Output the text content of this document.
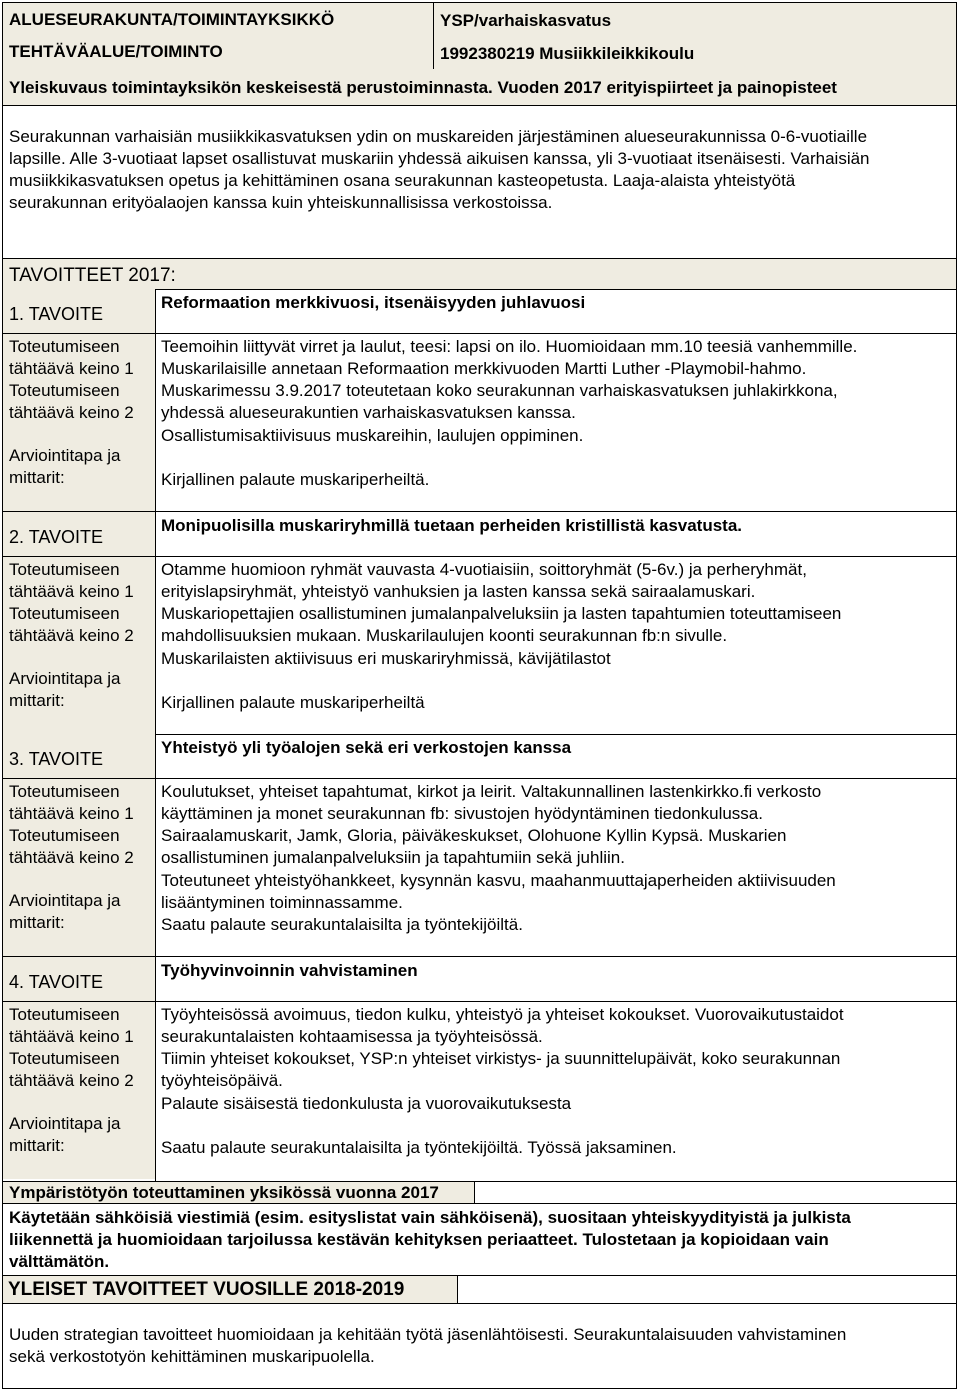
ALUESEURAKUNTA/TOIMINTAYKSIKKÖ	YSP/varhaiskasvatus
TEHTÄVÄALUE/TOIMINTO	1992380219 Musiikkileikkikoulu
Yleiskuvaus toimintayksikön keskeisestä perustoiminnasta. Vuoden 2017 erityispiirteet ja painopisteet
Seurakunnan varhaisiän musiikkikasvatuksen ydin on muskareiden järjestäminen alueseurakunnissa 0-6-vuotiaille
lapsille. Alle 3-vuotiaat lapset osallistuvat muskariin yhdessä aikuisen kanssa, yli 3-vuotiaat itsenäisesti. Varhaisiän
musiikkikasvatuksen opetus ja kehittäminen osana seurakunnan kasteopetusta. Laaja-alaista yhteistyötä
seurakunnan erityöalaojen kanssa kuin yhteiskunnallisissa verkostoissa.
TAVOITTEET 2017:
1. TAVOITE
Reformaation merkkivuosi, itsenäisyyden juhlavuosi
Toteutumiseen
tähtäävä keino 1
Teemoihin liittyvät virret ja laulut, teesi: lapsi on ilo. Huomioidaan mm.10 teesiä vanhemmille.
Muskarilaisille annetaan Reformaation merkkivuoden Martti Luther -Playmobil-hahmo.
Toteutumiseen
tähtäävä keino 2
Muskarimessu 3.9.2017 toteutetaan koko seurakunnan varhaiskasvatuksen juhlakirkkona,
yhdessä alueseurakuntien varhaiskasvatuksen kanssa.
Arviointitapa ja
mittarit:
Osallistumisaktiivisuus muskareihin, laulujen oppiminen.
Kirjallinen palaute muskariperheiltä.
2. TAVOITE
Monipuolisilla muskariryhmillä tuetaan perheiden kristillistä kasvatusta.
Toteutumiseen
tähtäävä keino 1
Otamme huomioon ryhmät vauvasta 4-vuotiaisiin, soittoryhmät (5-6v.) ja perheryhmät,
erityislapsiryhmät, yhteistyö vanhuksien ja lasten kanssa sekä sairaalamuskari.
Toteutumiseen
tähtäävä keino 2
Muskariopettajien osallistuminen jumalanpalveluksiin ja lasten tapahtumien toteuttamiseen
mahdollisuuksien mukaan. Muskarilaulujen koonti seurakunnan fb:n sivulle.
Arviointitapa ja
mittarit:
Muskarilaisten aktiivisuus eri muskariryhmissä, kävijätilastot
Kirjallinen palaute muskariperheiltä
3. TAVOITE
Yhteistyö yli työalojen sekä eri verkostojen kanssa
Toteutumiseen
tähtäävä keino 1
Koulutukset, yhteiset tapahtumat, kirkot ja leirit. Valtakunnallinen lastenkirkko.fi verkosto
käyttäminen ja monet seurakunnan fb: sivustojen hyödyntäminen tiedonkulussa.
Toteutumiseen
tähtäävä keino 2
Sairaalamuskarit, Jamk, Gloria, päiväkeskukset, Olohuone Kyllin Kypsä. Muskarien
osallistuminen jumalanpalveluksiin ja tapahtumiin sekä juhliin.
Arviointitapa ja
mittarit:
Toteutuneet yhteistyöhankkeet, kysynnän kasvu, maahanmuuttajaperheiden aktiivisuuden
lisääntyminen toiminnassamme.
Saatu palaute seurakuntalaisilta ja työntekijöiltä.
4. TAVOITE
Työhyvinvoinnin vahvistaminen
Toteutumiseen
tähtäävä keino 1
Työyhteisössä avoimuus, tiedon kulku, yhteistyö ja yhteiset kokoukset. Vuorovaikutustaidot
seurakuntalaisten kohtaamisessa ja työyhteisössä.
Toteutumiseen
tähtäävä keino 2
Tiimin yhteiset kokoukset, YSP:n yhteiset virkistys- ja suunnittelupäivät, koko seurakunnan
työyhteisöpäivä.
Arviointitapa ja
mittarit:
Palaute sisäisestä tiedonkulusta ja vuorovaikutuksesta
Saatu palaute seurakuntalaisilta ja työntekijöiltä. Työssä jaksaminen.
Ympäristötyön toteuttaminen yksikössä vuonna 2017
Käytetään sähköisiä viestimiä (esim. esityslistat vain sähköisenä), suositaan yhteiskyydityistä ja julkista
liikennettä ja huomioidaan tarjoilussa kestävän kehityksen periaatteet. Tulostetaan ja kopioidaan vain
välttämätön.
YLEISET TAVOITTEET VUOSILLE 2018-2019
Uuden strategian tavoitteet huomioidaan ja kehitään työtä jäsenlähtöisesti. Seurakuntalaisuuden vahvistaminen
sekä verkostotyön kehittäminen muskaripuolella.
